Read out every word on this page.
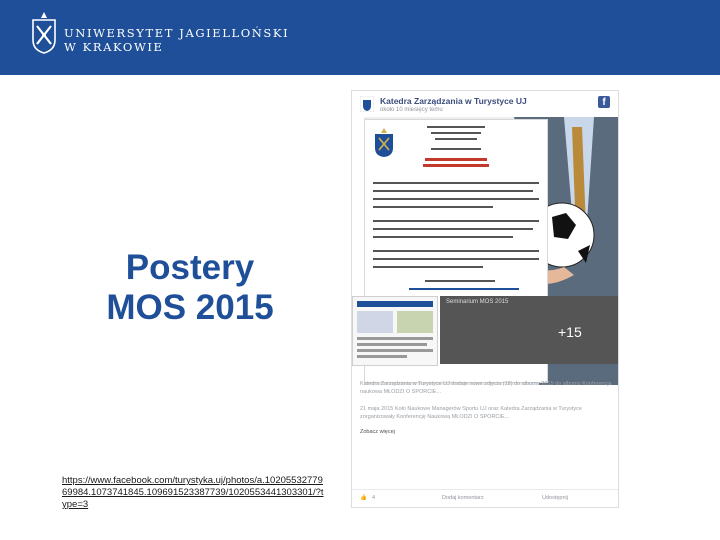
UNIWERSYTET JAGIELLOŃSKI
W KRAKOWIE
Postery
MOS 2015
https://www.facebook.com/turystyka.uj/photos/a.1020553277969984.1073741845.109691523387739/1020553441303301/?type=3
Katedra Zarządzania w Turystyce UJ
około 10 miesięcy temu
f
Seminarium MOS 2015
+15
Katedra Zarządzania w Turystyce UJ dodaje nowe zdjęcia (18) do albumu 2015 do albumu Konferencja naukowa MŁODZI O SPORCIE...
21 maja 2015 Koło Naukowe Managerów Sportu UJ oraz Katedra Zarządzania w Turystyce zorganizowały Konferencję Naukową MŁODZI O SPORCIE...
Zobacz więcej
👍 4	Dodaj komentarz	Udostępnij
